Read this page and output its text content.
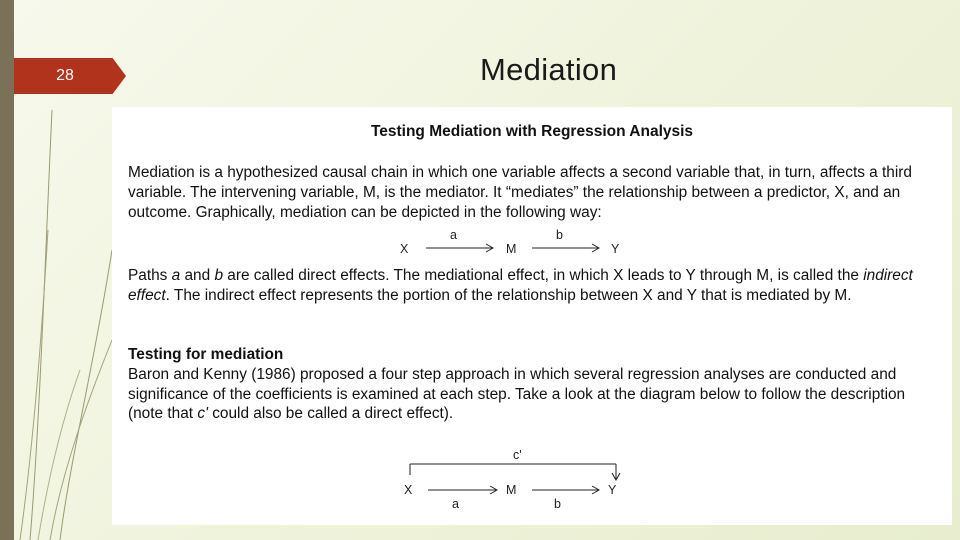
28	Mediation
Testing Mediation with Regression Analysis
Mediation is a hypothesized causal chain in which one variable affects a second variable that, in turn, affects a third variable. The intervening variable, M, is the mediator. It “mediates” the relationship between a predictor, X, and an outcome. Graphically, mediation can be depicted in the following way:
X
a
M
b
Y
c'
X
a
M
b
Y
Paths a and b are called direct effects. The mediational effect, in which X leads to Y through M, is called the indirect effect. The indirect effect represents the portion of the relationship between X and Y that is mediated by M.
Testing for mediation
Baron and Kenny (1986) proposed a four step approach in which several regression analyses are conducted and significance of the coefficients is examined at each step. Take a look at the diagram below to follow the description (note that c' could also be called a direct effect).
